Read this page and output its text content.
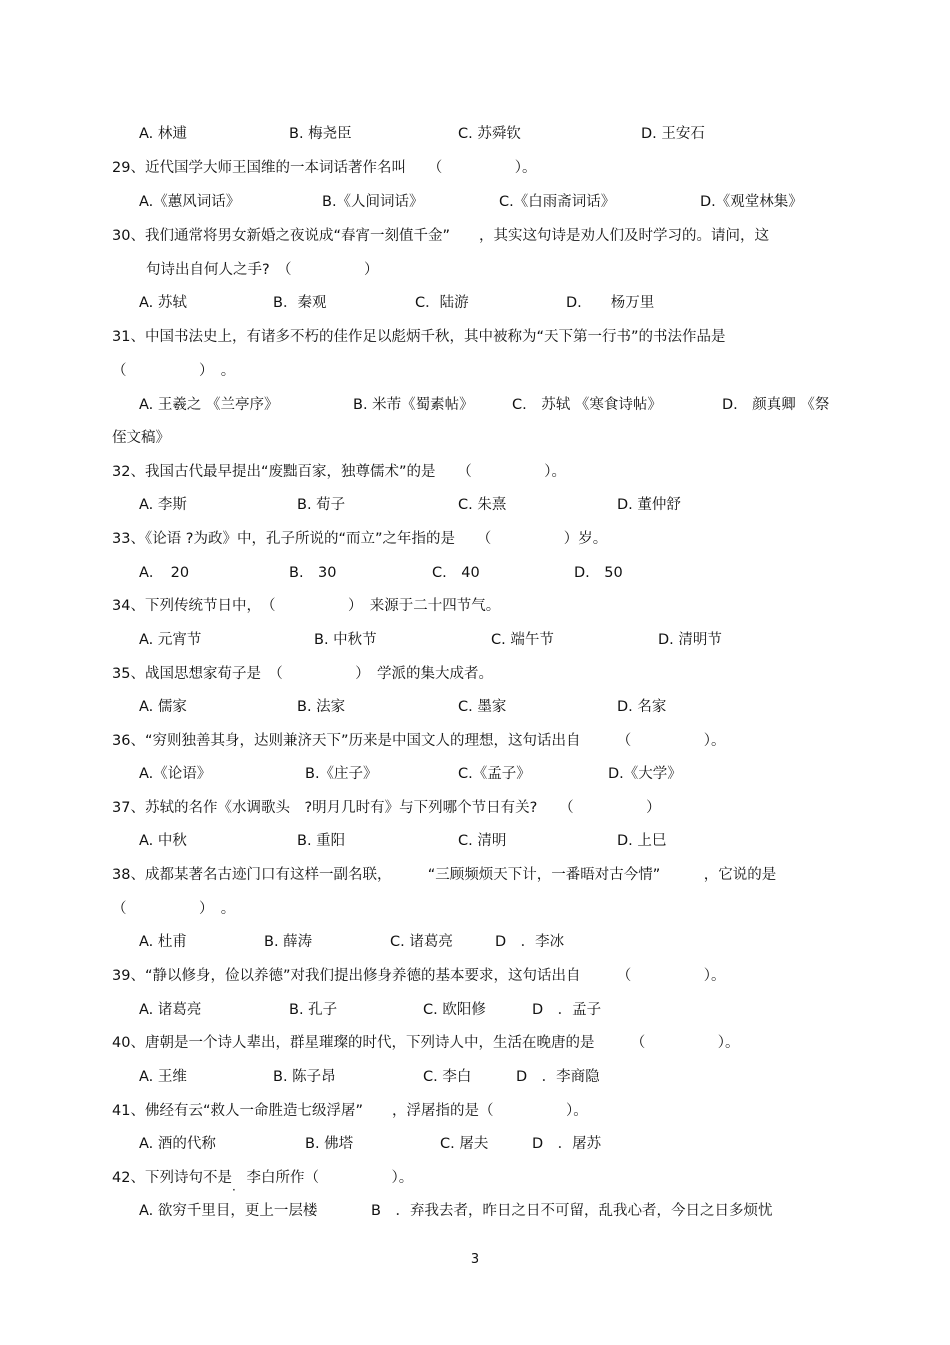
A. 林逋	B. 梅尧臣	C. 苏舜钦	D. 王安石
29、近代国学大师王国维的一本词话著作名叫　　（　　　　　）。
A.《蕙风词话》	B.《人间词话》	C.《白雨斋词话》	D.《观堂林集》
30、我们通常将男女新婚之夜说成“春宵一刻值千金”　　，其实这句诗是劝人们及时学习的。请问，这
句诗出自何人之手?　（　　　　　）
A. 苏轼	B．秦观	C．陆游	D.　　杨万里
31、中国书法史上，有诸多不朽的佳作足以彪炳千秋，其中被称为“天下第一行书”的书法作品是
（　　　　　）　。
A. 王羲之 《兰亭序》	B. 米芾《蜀素帖》	C.　苏轼 《寒食诗帖》	D.　颜真卿 《祭
侄文稿》
32、我国古代最早提出“废黜百家，独尊儒术”的是　　（　　　　　）。
A. 李斯	B. 荀子	C. 朱熹	D. 董仲舒
33、《论语 ?为政》中，孔子所说的“而立”之年指的是　　（　　　　　）岁。
A．　20	B.　30	C.　40	D.　50
34、下列传统节日中，　（　　　　　）　来源于二十四节气。
A. 元宵节	B. 中秋节	C. 端午节	D. 清明节
35、战国思想家荀子是　（　　　　　）　学派的集大成者。
A. 儒家	B. 法家	C. 墨家	D. 名家
36、“穷则独善其身，达则兼济天下”历来是中国文人的理想，这句话出自　　　（　　　　　）。
A.《论语》	B.《庄子》	C.《孟子》	D.《大学》
37、苏轼的名作《水调歌头　?明月几时有》与下列哪个节日有关?　　（　　　　　）
A. 中秋	B. 重阳	C. 清明	D. 上巳
38、成都某著名古迹门口有这样一副名联，　　　“三顾频烦天下计，一番晤对古今情”　　　，它说的是
（　　　　　）　。
A. 杜甫	B. 薛涛	C. 诸葛亮	D　．李冰
39、“静以修身，俭以养德”对我们提出修身养德的基本要求，这句话出自　　　（　　　　　）。
A. 诸葛亮	B. 孔子	C. 欧阳修	D　．孟子
40、唐朝是一个诗人辈出，群星璀璨的时代，下列诗人中，生活在晚唐的是　　　（　　　　　）。
A. 王维	B. 陈子昂	C. 李白	D　．李商隐
41、佛经有云“救人一命胜造七级浮屠”　　，浮屠指的是（　　　　　）。
A. 酒的代称	B. 佛塔	C. 屠夫	D　．屠苏
42、下列诗句不是　李白所作（　　　　　）。
·
A. 欲穷千里目，更上一层楼	B　．弃我去者，昨日之日不可留，乱我心者，今日之日多烦忧
3
